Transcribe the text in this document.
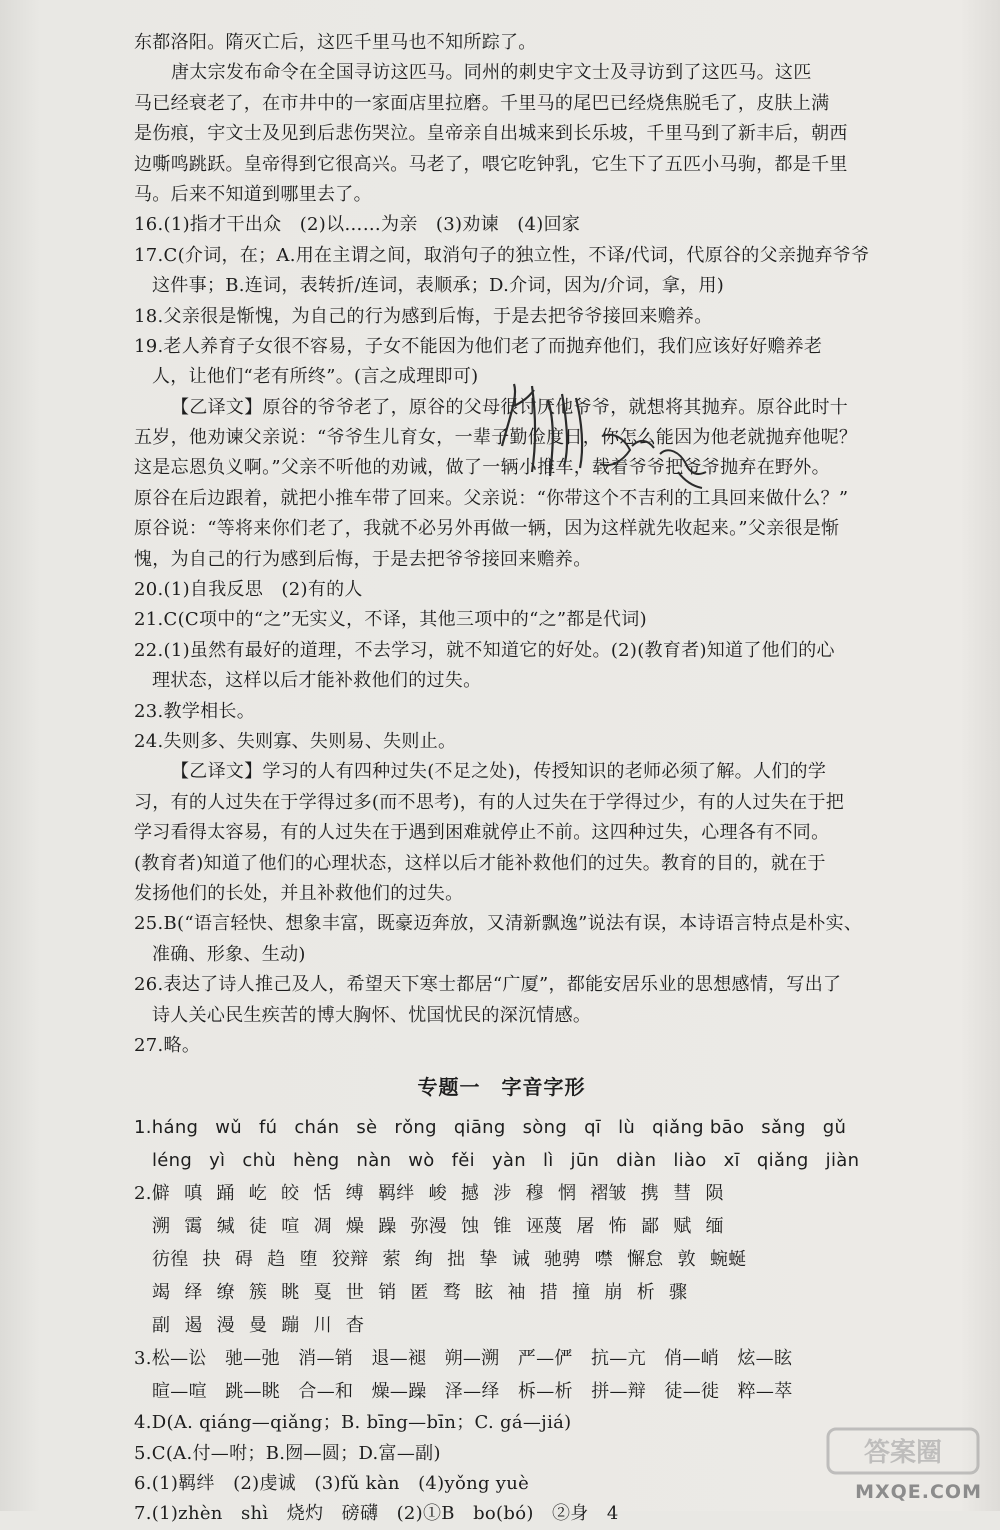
东都洛阳。隋灭亡后，这匹千里马也不知所踪了。
唐太宗发布命令在全国寻访这匹马。同州的刺史宇文士及寻访到了这匹马。这匹
马已经衰老了，在市井中的一家面店里拉磨。千里马的尾巴已经烧焦脱毛了，皮肤上满
是伤痕，宇文士及见到后悲伤哭泣。皇帝亲自出城来到长乐坡，千里马到了新丰后，朝西
边嘶鸣跳跃。皇帝得到它很高兴。马老了，喂它吃钟乳，它生下了五匹小马驹，都是千里
马。后来不知道到哪里去了。
16.(1)指才干出众　(2)以……为亲　(3)劝谏　(4)回家
17.C(介词，在；A.用在主谓之间，取消句子的独立性，不译/代词，代原谷的父亲抛弃爷爷
这件事；B.连词，表转折/连词，表顺承；D.介词，因为/介词，拿，用)
18.父亲很是惭愧，为自己的行为感到后悔，于是去把爷爷接回来赡养。
19.老人养育子女很不容易，子女不能因为他们老了而抛弃他们，我们应该好好赡养老
人，让他们“老有所终”。(言之成理即可)
【乙译文】原谷的爷爷老了，原谷的父母很讨厌他爷爷，就想将其抛弃。原谷此时十
五岁，他劝谏父亲说：“爷爷生儿育女，一辈子勤俭度日，你怎么能因为他老就抛弃他呢？
这是忘恩负义啊。”父亲不听他的劝诫，做了一辆小推车，载着爷爷把爷爷抛弃在野外。
原谷在后边跟着，就把小推车带了回来。父亲说：“你带这个不吉利的工具回来做什么？”
原谷说：“等将来你们老了，我就不必另外再做一辆，因为这样就先收起来。”父亲很是惭
愧，为自己的行为感到后悔，于是去把爷爷接回来赡养。
20.(1)自我反思　(2)有的人
21.C(C项中的“之”无实义，不译，其他三项中的“之”都是代词)
22.(1)虽然有最好的道理，不去学习，就不知道它的好处。(2)(教育者)知道了他们的心
理状态，这样以后才能补救他们的过失。
23.教学相长。
24.失则多、失则寡、失则易、失则止。
【乙译文】学习的人有四种过失(不足之处)，传授知识的老师必须了解。人们的学
习，有的人过失在于学得过多(而不思考)，有的人过失在于学得过少，有的人过失在于把
学习看得太容易，有的人过失在于遇到困难就停止不前。这四种过失，心理各有不同。
(教育者)知道了他们的心理状态，这样以后才能补救他们的过失。教育的目的，就在于
发扬他们的长处，并且补救他们的过失。
25.B(“语言轻快、想象丰富，既豪迈奔放，又清新飘逸”说法有误，本诗语言特点是朴实、
准确、形象、生动)
26.表达了诗人推己及人，希望天下寒士都居“广厦”，都能安居乐业的思想感情，写出了
诗人关心民生疾苦的博大胸怀、忧国忧民的深沉情感。
27.略。
专题一　字音字形
1.háng wǔ fú chán sè rǒng qiāng sòng qī lù qiǎng bāo sǎng gǔ
léng yì chù hèng nàn wò fěi yàn lì jūn diàn liào xī qiǎng jiàn
2.僻 嗔 踊 屹 皎 恬 缚 羁绊 峻 撼 涉 穆 惘 褶皱 携 彗 陨
溯 霭 缄 徒 喧 凋 燥 躁 弥漫 蚀 锥 诬蔑 屠 怖 鄙 赋 缅
彷徨 抉 碍 趋 堕 狡辩 萦 绚 拙 挚 诫 驰骋 噤 懈怠 敦 蜿蜒
竭 绎 缭 簇 眺 戛 世 销 匿 骛 眩 袖 措 撞 崩 析 骤
副 遏 漫 曼 蹦 川 杳
3.松—讼　驰—弛　消—销　退—褪　朔—溯　严—俨　抗—亢　俏—峭　炫—眩
暄—喧　跳—眺　合—和　燥—躁　泽—绎　柝—析　拼—辩　徒—徙　粹—萃
4.D(A. qiáng—qiǎng；B. bīng—bīn；C. gá—jiá)
5.C(A.付—咐；B.囫—圆；D.富—副)
6.(1)羁绊　(2)虔诚　(3)fǔ kàn　(4)yǒng yuè
7.(1)zhèn　shì　烧灼　磅礴　(2)①B　bo(bó)　②身　4
答案圈
MXQE.COM
